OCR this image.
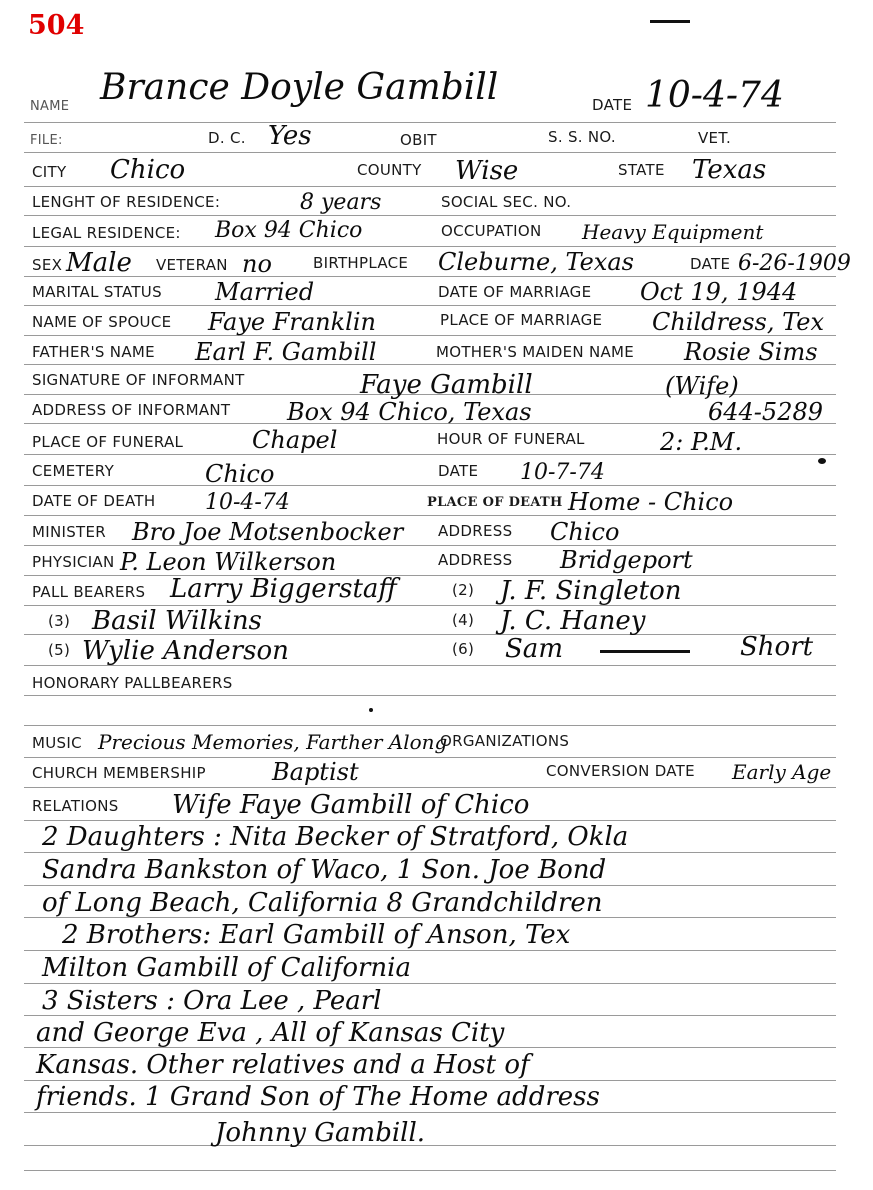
504
NAME Brance Doyle Gambill	DATE 10-4-74
FILE:	D. C. Yes	OBIT	S. S. NO.	VET.
CITY Chico	COUNTY Wise	STATE Texas
LENGHT OF RESIDENCE:	8 years	SOCIAL SEC. NO.
LEGAL RESIDENCE: Box 94 Chico	OCCUPATION Heavy Equipment
SEX Male VETERAN no	BIRTHPLACE Cleburne, Texas	DATE 6-26-1909
MARITAL STATUS Married	DATE OF MARRIAGE Oct 19, 1944
NAME OF SPOUCE Faye Franklin	PLACE OF MARRIAGE Childress, Tex
FATHER'S NAME Earl F. Gambill	MOTHER'S MAIDEN NAME Rosie Sims
SIGNATURE OF INFORMANT	Faye Gambill	(Wife)
ADDRESS OF INFORMANT Box 94 Chico, Texas	644-5289
PLACE OF FUNERAL	Chapel	HOUR OF FUNERAL	2: P.M.
CEMETERY	Chico	DATE 10-7-74
DATE OF DEATH 10-4-74	PLACE OF DEATH Home - Chico
MINISTER Bro Joe Motsenbocker ADDRESS Chico
PHYSICIAN P. Leon Wilkerson	ADDRESS Bridgeport
PALL BEARERS Larry Biggerstaff	(2) J. F. Singleton
(3) Basil Wilkins	(4) J. C. Haney
(5) Wylie Anderson	(6) Sam	Short
HONORARY PALLBEARERS
MUSIC Precious Memories, Farther Along
ORGANIZATIONS
CHURCH MEMBERSHIP	Baptist	CONVERSION DATE Early Age
RELATIONS Wife Faye Gambill of Chico
2 Daughters : Nita Becker of Stratford, Okla
Sandra Bankston of Waco, 1 Son. Joe Bond
of Long Beach, California 8 Grandchildren
2 Brothers: Earl Gambill of Anson, Tex
Milton Gambill of California
3 Sisters : Ora Lee , Pearl
and George Eva , All of Kansas City
Kansas. Other relatives and a Host of
friends. 1 Grand Son of The Home address
Johnny Gambill.
